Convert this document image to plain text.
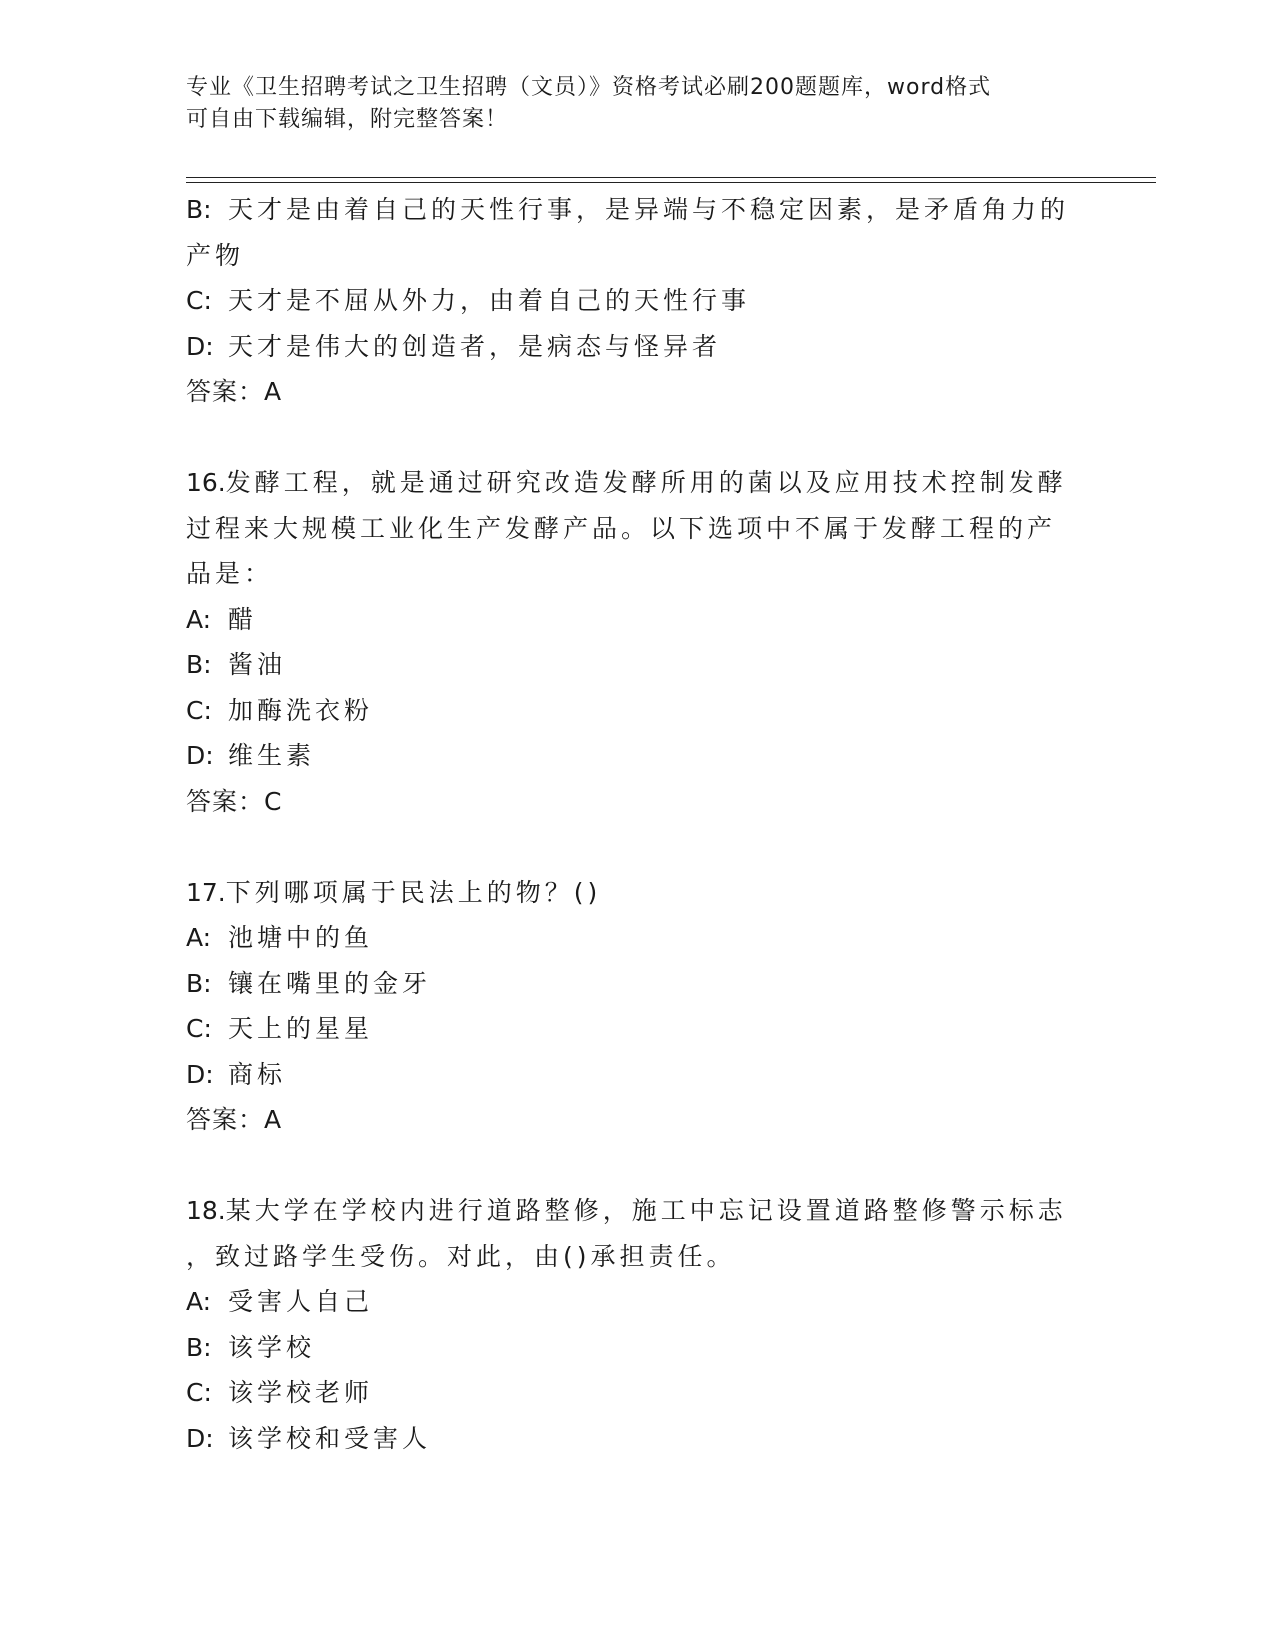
专业《卫生招聘考试之卫生招聘（文员）》资格考试必刷200题题库，word格式
可自由下载编辑，附完整答案！
B: 天才是由着自己的天性行事，是异端与不稳定因素，是矛盾角力的
产物
C: 天才是不屈从外力，由着自己的天性行事
D: 天才是伟大的创造者，是病态与怪异者
答案：A
16.发酵工程，就是通过研究改造发酵所用的菌以及应用技术控制发酵
过程来大规模工业化生产发酵产品。以下选项中不属于发酵工程的产
品是：
A: 醋
B: 酱油
C: 加酶洗衣粉
D: 维生素
答案：C
17.下列哪项属于民法上的物？()
A: 池塘中的鱼
B: 镶在嘴里的金牙
C: 天上的星星
D: 商标
答案：A
18.某大学在学校内进行道路整修，施工中忘记设置道路整修警示标志
，致过路学生受伤。对此，由()承担责任。
A: 受害人自己
B: 该学校
C: 该学校老师
D: 该学校和受害人
